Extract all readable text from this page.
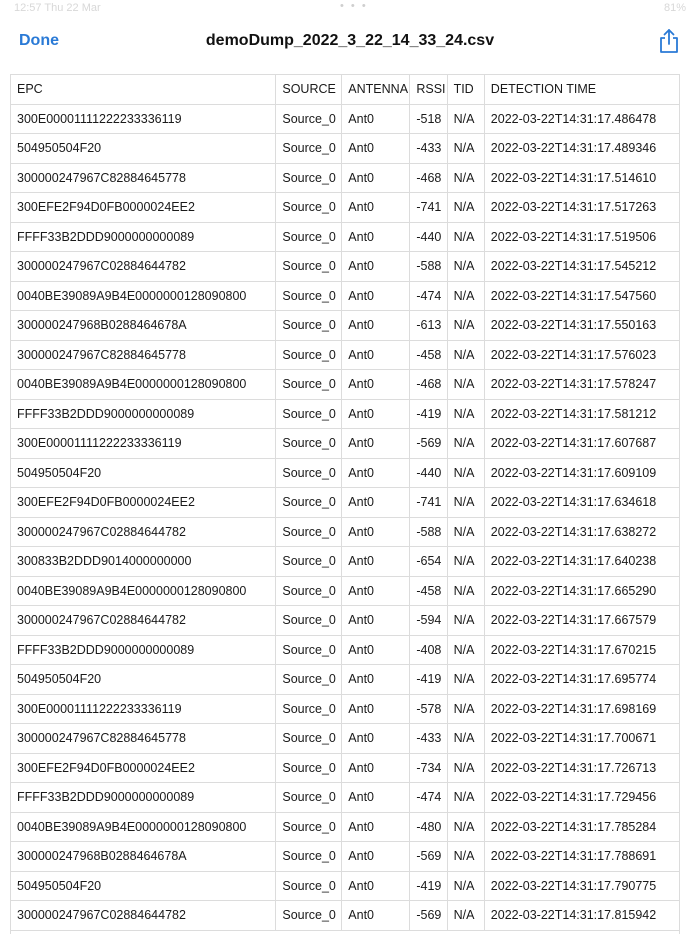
12:57 Thu 22 Mar	• • •	81%
Done	demoDump_2022_3_22_14_33_24.csv
EPC	SOURCE	ANTENNA	RSSI	TID	DETECTION TIME
300E00001111222233336119	Source_0	Ant0	-518	N/A	2022-03-22T14:31:17.486478
504950504F20	Source_0	Ant0	-433	N/A	2022-03-22T14:31:17.489346
300000247967C82884645778	Source_0	Ant0	-468	N/A	2022-03-22T14:31:17.514610
300EFE2F94D0FB0000024EE2	Source_0	Ant0	-741	N/A	2022-03-22T14:31:17.517263
FFFF33B2DDD9000000000089	Source_0	Ant0	-440	N/A	2022-03-22T14:31:17.519506
300000247967C02884644782	Source_0	Ant0	-588	N/A	2022-03-22T14:31:17.545212
0040BE39089A9B4E0000000128090800	Source_0	Ant0	-474	N/A	2022-03-22T14:31:17.547560
300000247968B0288464678A	Source_0	Ant0	-613	N/A	2022-03-22T14:31:17.550163
300000247967C82884645778	Source_0	Ant0	-458	N/A	2022-03-22T14:31:17.576023
0040BE39089A9B4E0000000128090800	Source_0	Ant0	-468	N/A	2022-03-22T14:31:17.578247
FFFF33B2DDD9000000000089	Source_0	Ant0	-419	N/A	2022-03-22T14:31:17.581212
300E00001111222233336119	Source_0	Ant0	-569	N/A	2022-03-22T14:31:17.607687
504950504F20	Source_0	Ant0	-440	N/A	2022-03-22T14:31:17.609109
300EFE2F94D0FB0000024EE2	Source_0	Ant0	-741	N/A	2022-03-22T14:31:17.634618
300000247967C02884644782	Source_0	Ant0	-588	N/A	2022-03-22T14:31:17.638272
300833B2DDD9014000000000	Source_0	Ant0	-654	N/A	2022-03-22T14:31:17.640238
0040BE39089A9B4E0000000128090800	Source_0	Ant0	-458	N/A	2022-03-22T14:31:17.665290
300000247967C02884644782	Source_0	Ant0	-594	N/A	2022-03-22T14:31:17.667579
FFFF33B2DDD9000000000089	Source_0	Ant0	-408	N/A	2022-03-22T14:31:17.670215
504950504F20	Source_0	Ant0	-419	N/A	2022-03-22T14:31:17.695774
300E00001111222233336119	Source_0	Ant0	-578	N/A	2022-03-22T14:31:17.698169
300000247967C82884645778	Source_0	Ant0	-433	N/A	2022-03-22T14:31:17.700671
300EFE2F94D0FB0000024EE2	Source_0	Ant0	-734	N/A	2022-03-22T14:31:17.726713
FFFF33B2DDD9000000000089	Source_0	Ant0	-474	N/A	2022-03-22T14:31:17.729456
0040BE39089A9B4E0000000128090800	Source_0	Ant0	-480	N/A	2022-03-22T14:31:17.785284
300000247968B0288464678A	Source_0	Ant0	-569	N/A	2022-03-22T14:31:17.788691
504950504F20	Source_0	Ant0	-419	N/A	2022-03-22T14:31:17.790775
300000247967C02884644782	Source_0	Ant0	-569	N/A	2022-03-22T14:31:17.815942
